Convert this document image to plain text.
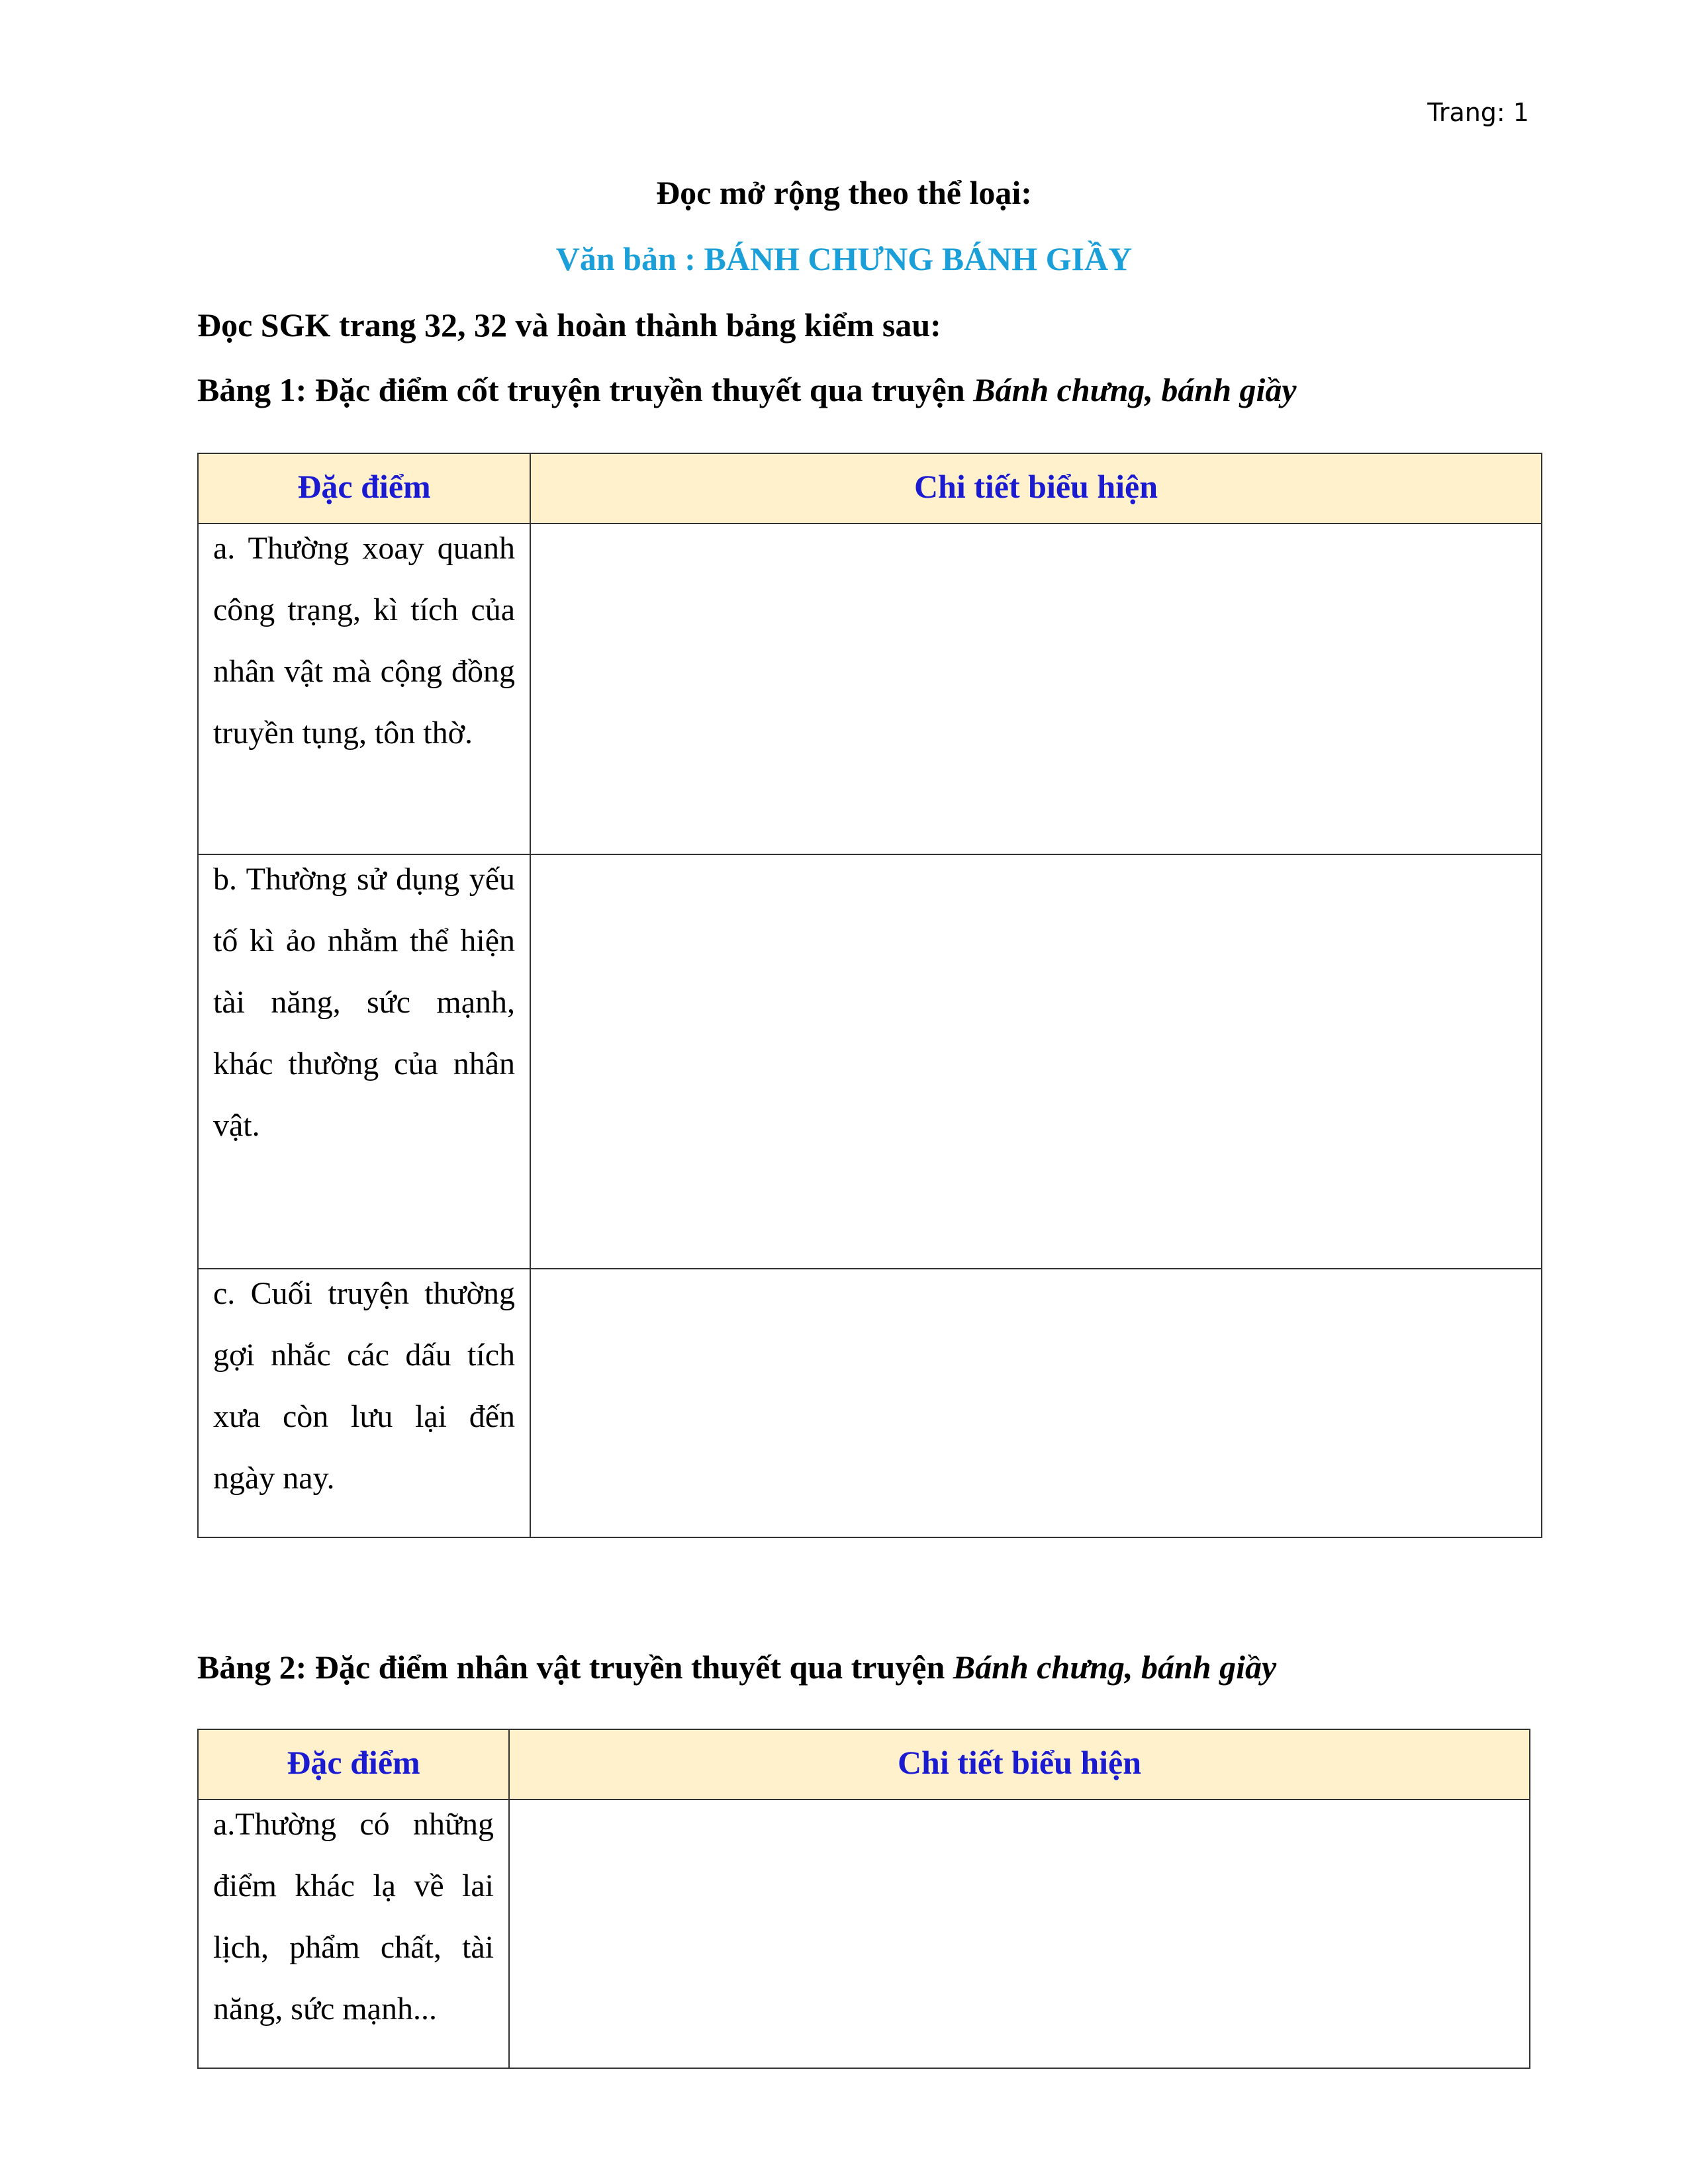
Trang: 1
Đọc mở rộng theo thể loại:
Văn bản : BÁNH CHƯNG BÁNH GIẦY
Đọc SGK trang 32, 32 và hoàn thành bảng kiểm sau:
Bảng 1: Đặc điểm cốt truyện truyền thuyết qua truyện Bánh chưng, bánh giầy
Đặc điểm	Chi tiết biểu hiện

a. Thường xoay quanh công trạng, kì tích của nhân vật mà cộng đồng truyền tụng, tôn thờ.	

b. Thường sử dụng yếu tố kì ảo nhằm thể hiện tài năng, sức mạnh, khác thường của nhân vật.	

c. Cuối truyện thường gợi nhắc các dấu tích xưa còn lưu lại đến ngày nay.	

Bảng 2: Đặc điểm nhân vật truyền thuyết qua truyện Bánh chưng, bánh giầy
Đặc điểm	Chi tiết biểu hiện

a.Thường có những điểm khác lạ về lai lịch, phẩm chất, tài năng, sức mạnh...	
